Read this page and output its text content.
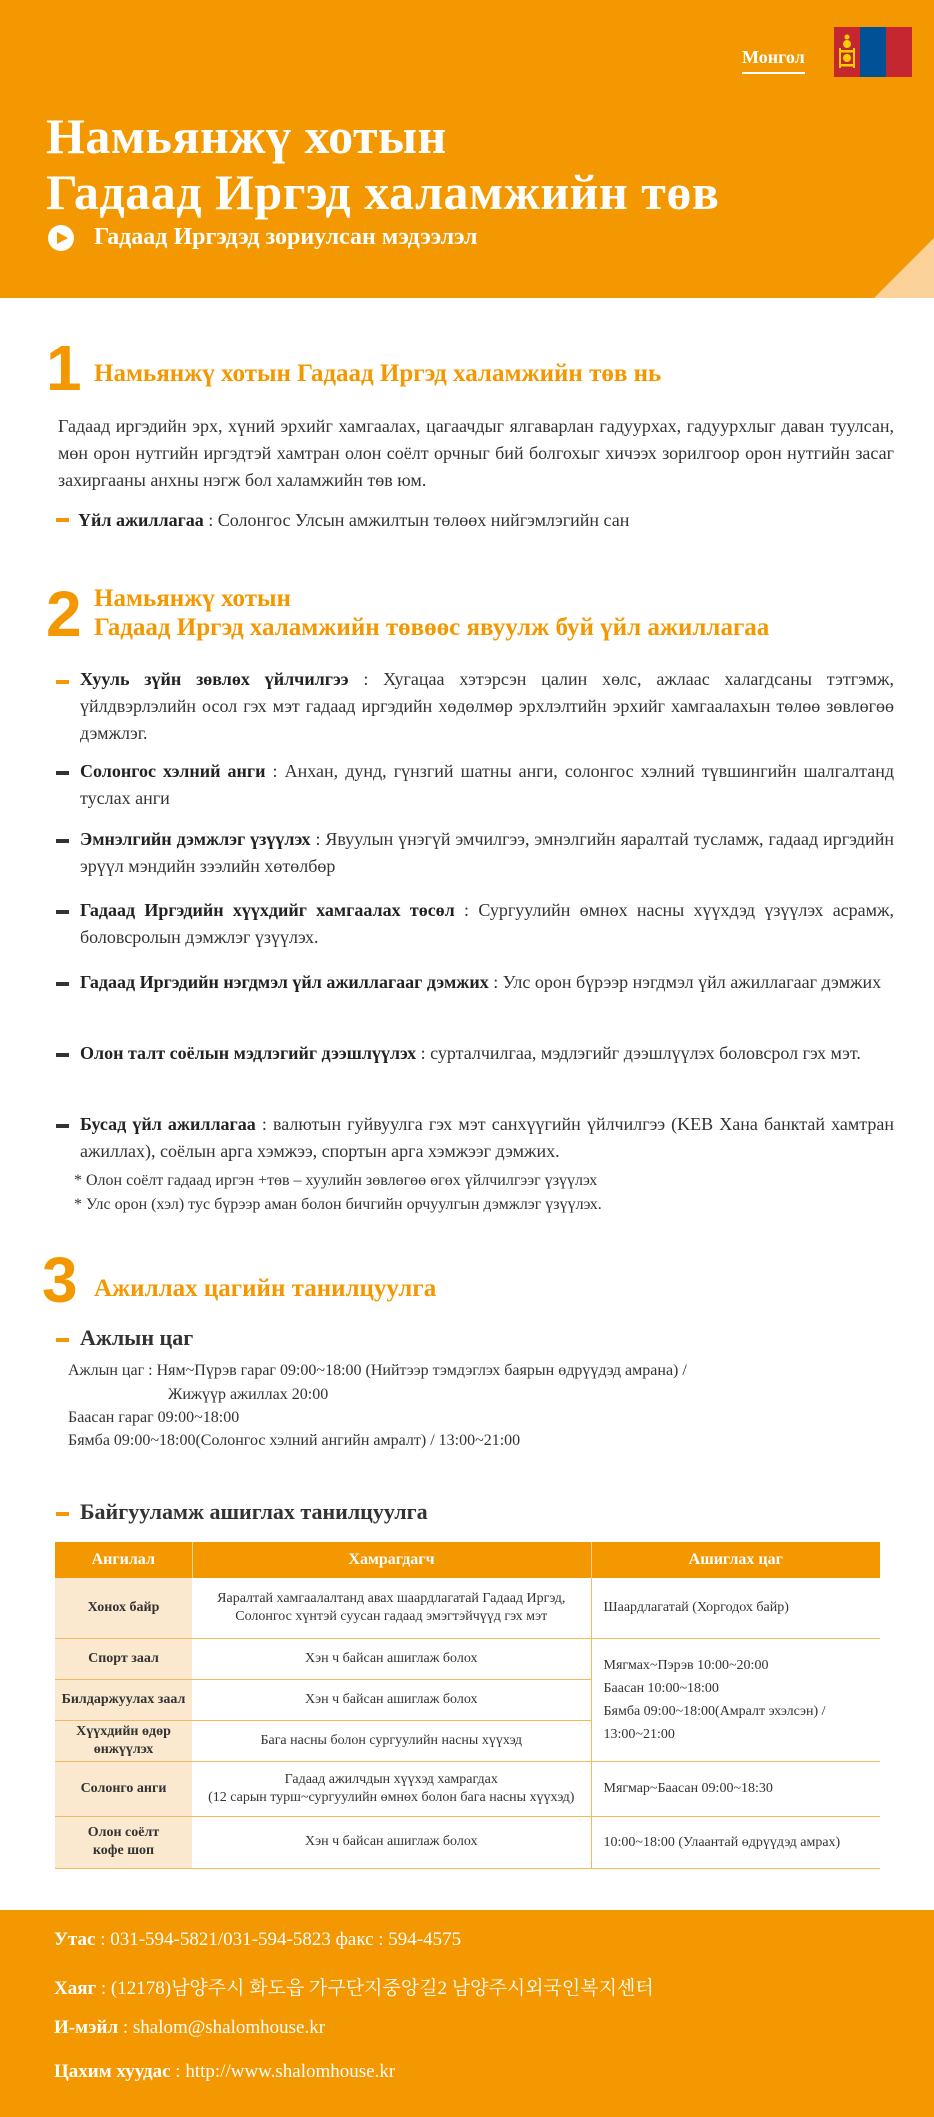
Монгол
Намьянжү хотын
Гадаад Иргэд халамжийн төв
Гадаад Иргэдэд зориулсан мэдээлэл
1 Намьянжү хотын Гадаад Иргэд халамжийн төв нь
Гадаад иргэдийн эрх, хүний эрхийг хамгаалах, цагаачдыг ялгаварлан гадуурхах, гадуурхлыг даван туулсан, мөн орон нутгийн иргэдтэй хамтран олон соёлт орчныг бий болгохыг хичээх зорилгоор орон нутгийн засаг захиргааны анхны нэгж бол халамжийн төв юм.
Үйл ажиллагаа : Солонгос Улсын амжилтын төлөөх нийгэмлэгийн сан
2 Намьянжү хотын
Гадаад Иргэд халамжийн төвөөс явуулж буй үйл ажиллагаа
Хууль зүйн зөвлөх үйлчилгээ : Хугацаа хэтэрсэн цалин хөлс, ажлаас халагдсаны тэтгэмж, үйлдвэрлэлийн осол гэх мэт гадаад иргэдийн хөдөлмөр эрхлэлтийн эрхийг хамгаалахын төлөө зөвлөгөө дэмжлэг.
Солонгос хэлний анги : Анхан, дунд, гүнзгий шатны анги, солонгос хэлний түвшингийн шалгалтанд туслах анги
Эмнэлгийн дэмжлэг үзүүлэх : Явуулын үнэгүй эмчилгээ, эмнэлгийн яаралтай тусламж, гадаад иргэдийн эрүүл мэндийн зээлийн хөтөлбөр
Гадаад Иргэдийн хүүхдийг хамгаалах төсөл : Сургуулийн өмнөх насны хүүхдэд үзүүлэх асрамж, боловсролын дэмжлэг үзүүлэх.
Гадаад Иргэдийн нэгдмэл үйл ажиллагааг дэмжих : Улс орон бүрээр нэгдмэл үйл ажиллагааг дэмжих
Олон талт соёлын мэдлэгийг дээшлүүлэх : сурталчилгаа, мэдлэгийг дээшлүүлэх боловсрол гэх мэт.
Бусад үйл ажиллагаа : валютын гуйвуулга гэх мэт санхүүгийн үйлчилгээ (KEB Хана банктай хамтран ажиллах), соёлын арга хэмжээ, спортын арга хэмжээг дэмжих.
* Олон соёлт гадаад иргэн +төв – хуулийн зөвлөгөө өгөх үйлчилгээг үзүүлэх
* Улс орон (хэл) тус бүрээр аман болон бичгийн орчуулгын дэмжлэг үзүүлэх.
3 Ажиллах цагийн танилцуулга
Ажлын цаг
Ажлын цаг : Ням~Пүрэв гараг 09:00~18:00 (Нийтээр тэмдэглэх баярын өдрүүдэд амрана) /
Жижүүр ажиллах 20:00
Баасан гараг 09:00~18:00
Бямба 09:00~18:00(Солонгос хэлний ангийн амралт) / 13:00~21:00
Байгууламж ашиглах танилцуулга
Ангилал	Хамрагдагч	Ашиглах цаг
Хонох байр	Яаралтай хамгаалалтанд авах шаардлагатай Гадаад Иргэд,
Солонгос хүнтэй суусан гадаад эмэгтэйчүүд гэх мэт	Шаардлагатай (Хоргодох байр)
Спорт заал	Хэн ч байсан ашиглаж болох	Мягмах~Пэрэв 10:00~20:00
Баасан 10:00~18:00
Бямба 09:00~18:00(Амралт эхэлсэн) /
13:00~21:00

Билдаржуулах заал	Хэн ч байсан ашиглаж болох	

Хүүхдийн өдөр
өнжүүлэх	Бага насны болон сургуулийн насны хүүхэд	
Солонго анги	Гадаад ажилчдын хүүхэд хамрагдах
(12 сарын турш~сургуулийн өмнөх болон бага насны хүүхэд)	Мягмар~Баасан 09:00~18:30

Олон соёлт
кофе шоп	Хэн ч байсан ашиглаж болох	10:00~18:00 (Улаантай өдрүүдэд амрах)
Утас : 031-594-5821/031-594-5823 факс : 594-4575
Хаяг : (12178)남양주시 화도읍 가구단지중앙길2 남양주시외국인복지센터
И-мэйл : shalom@shalomhouse.kr
Цахим хуудас : http://www.shalomhouse.kr
